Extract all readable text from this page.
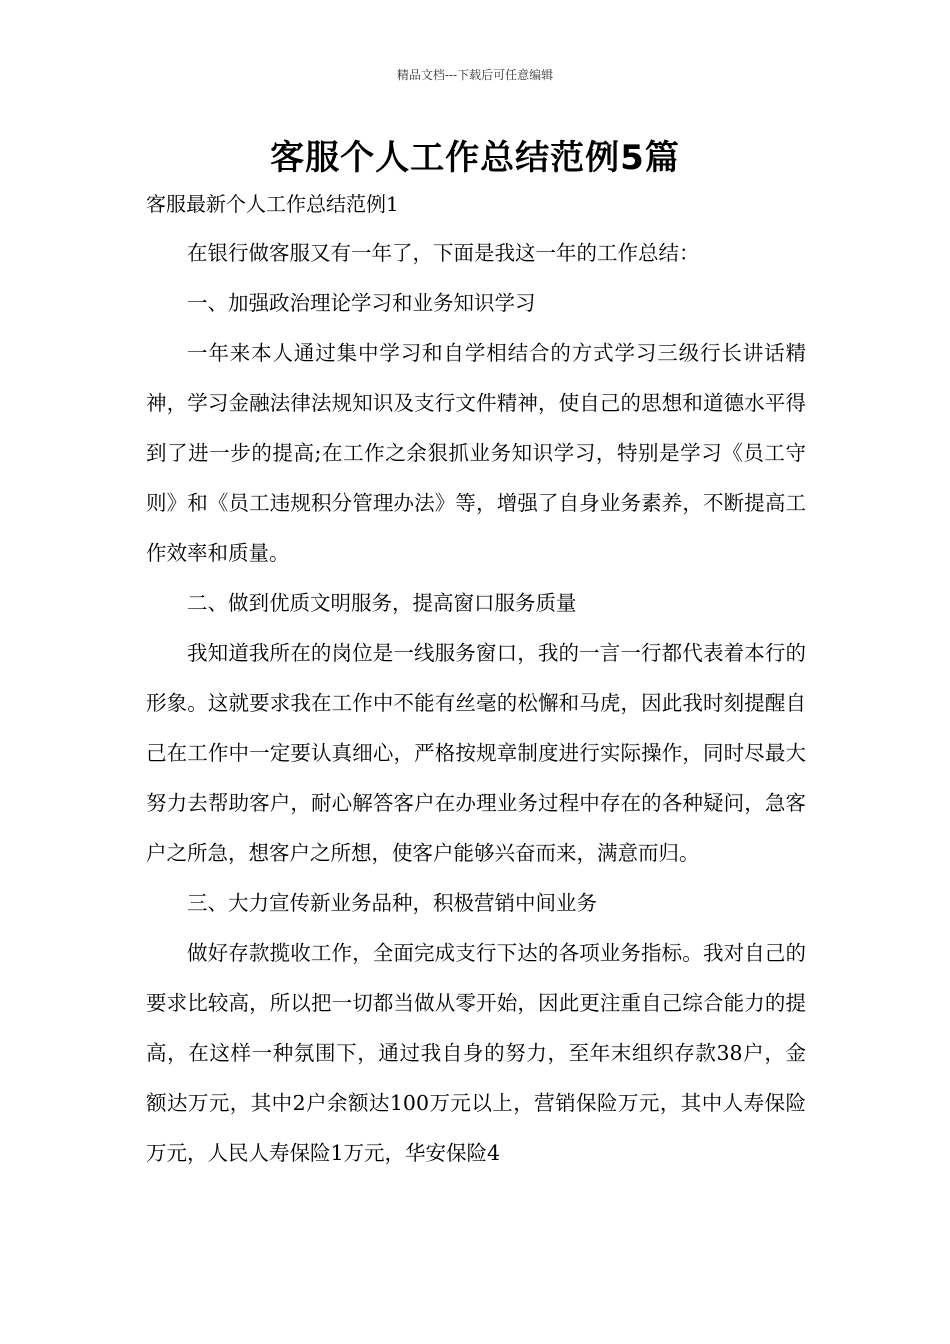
精品文档---下载后可任意编辑
客服个人工作总结范例5篇
客服最新个人工作总结范例1

在银行做客服又有一年了，下面是我这一年的工作总结：

一、加强政治理论学习和业务知识学习

一年来本人通过集中学习和自学相结合的方式学习三级行长讲话精神，学习金融法律法规知识及支行文件精神，使自己的思想和道德水平得到了进一步的提高;在工作之余狠抓业务知识学习，特别是学习《员工守则》和《员工违规积分管理办法》等，增强了自身业务素养，不断提高工作效率和质量。

二、做到优质文明服务，提高窗口服务质量

我知道我所在的岗位是一线服务窗口，我的一言一行都代表着本行的形象。这就要求我在工作中不能有丝毫的松懈和马虎，因此我时刻提醒自己在工作中一定要认真细心，严格按规章制度进行实际操作，同时尽最大努力去帮助客户，耐心解答客户在办理业务过程中存在的各种疑问，急客户之所急，想客户之所想，使客户能够兴奋而来，满意而归。

三、大力宣传新业务品种，积极营销中间业务

做好存款揽收工作，全面完成支行下达的各项业务指标。我对自己的要求比较高，所以把一切都当做从零开始，因此更注重自己综合能力的提高，在这样一种氛围下，通过我自身的努力，至年末组织存款38户，金额达万元，其中2户余额达100万元以上，营销保险万元，其中人寿保险万元，人民人寿保险1万元，华安保险4
